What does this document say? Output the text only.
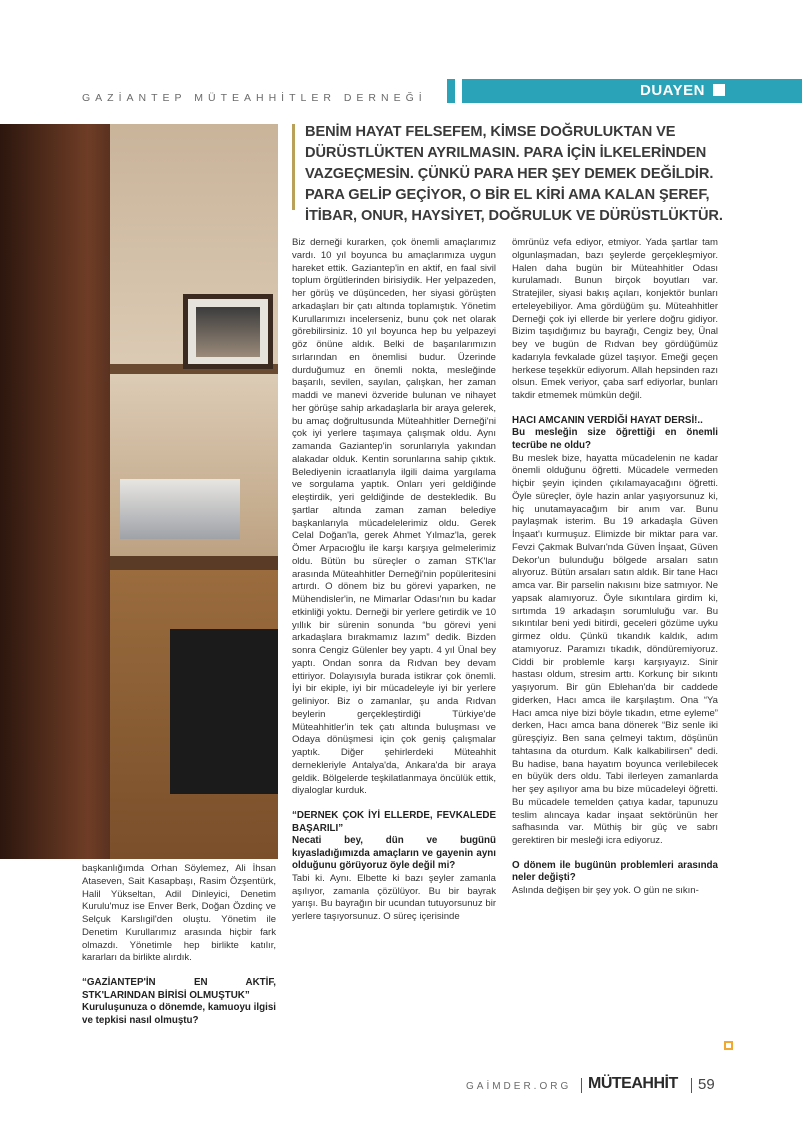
GAZİANTEP MÜTEAHHİTLER DERNEĞİ	DUAYEN
BENİM HAYAT FELSEFEM, KİMSE DOĞRULUKTAN VE DÜRÜSTLÜKTEN AYRILMASIN. PARA İÇİN İLKELERİNDEN VAZGEÇMESİN. ÇÜNKÜ PARA HER ŞEY DEMEK DEĞİLDİR. PARA GELİP GEÇİYOR, O BİR EL KİRİ AMA KALAN ŞEREF, İTİBAR, ONUR, HAYSİYET, DOĞRULUK VE DÜRÜSTLÜKTÜR.

başkanlığımda Orhan Söylemez, Ali İhsan Ataseven, Sait Kasapbaşı, Rasim Özşentürk, Halil Yükseltan, Adil Dinleyici, Denetim Kurulu'muz ise Enver Berk, Doğan Özdinç ve Selçuk Karslıgil'den oluştu. Yönetim ile Denetim Kurullarımız arasında hiçbir fark olmazdı. Yönetimle hep birlikte katılır, kararları da birlikte alırdık.

“GAZİANTEP'İN EN AKTİF, STK'LARINDAN BİRİSİ OLMUŞTUK”

Kuruluşunuza o dönemde, kamuoyu ilgisi ve tepkisi nasıl olmuştu?

Biz derneği kurarken, çok önemli amaçlarımız vardı. 10 yıl boyunca bu amaçlarımıza uygun hareket ettik. Gaziantep'in en aktif, en faal sivil toplum örgütlerinden birisiydik. Her yelpazeden, her görüş ve düşünceden, her siyasi görüşten arkadaşları bir çatı altında toplamıştık. Yönetim Kurullarımızı incelerseniz, bunu çok net olarak görebilirsiniz. 10 yıl boyunca hep bu yelpazeyi göz önüne aldık. Belki de başarılarımızın sırlarından en önemlisi budur. Üzerinde durduğumuz en önemli nokta, mesleğinde başarılı, sevilen, sayılan, çalışkan, her zaman maddi ve manevi özveride bulunan ve nihayet her görüşe sahip arkadaşlarla bir araya gelerek, bu amaç doğrultusunda Müteahhitler Derneği'ni çok iyi yerlere taşımaya çalışmak oldu. Aynı zamanda Gaziantep'in sorunlarıyla yakından alakadar olduk. Kentin sorunlarına sahip çıktık. Belediyenin icraatlarıyla ilgili daima yargılama ve sorgulama yaptık. Onları yeri geldiğinde eleştirdik, yeri geldiğinde de destekledik. Bu şartlar altında zaman zaman belediye başkanlarıyla mücadelelerimiz oldu. Gerek Celal Doğan'la, gerek Ahmet Yılmaz'la, gerek Ömer Arpacıoğlu ile karşı karşıya gelmelerimiz oldu. Bütün bu süreçler o zaman STK'lar arasında Müteahhitler Derneği'nin popüleritesini artırdı. O dönem biz bu görevi yaparken, ne Mühendisler'in, ne Mimarlar Odası'nın bu kadar etkinliği yoktu. Derneği bir yerlere getirdik ve 10 yıllık bir sürenin sonunda “bu görevi yeni arkadaşlara bırakmamız lazım” dedik. Bizden sonra Cengiz Gülenler bey yaptı. 4 yıl Ünal bey yaptı. Ondan sonra da Rıdvan bey devam ettiriyor. Dolayısıyla burada istikrar çok önemli. İyi bir ekiple, iyi bir mücadeleyle iyi bir yerlere geliniyor. Biz o zamanlar, şu anda Rıdvan beylerin gerçekleştirdiği Türkiye'de Müteahhitler'in tek çatı altında buluşması ve Odaya dönüşmesi için çok geniş çalışmalar yaptık. Diğer şehirlerdeki Müteahhit dernekleriyle Antalya'da, Ankara'da bir araya geldik. Bölgelerde teşkilatlanmaya öncülük ettik, diyaloglar kurduk.

“DERNEK ÇOK İYİ ELLERDE, FEVKALEDE BAŞARILI”

Necati bey, dün ve bugünü kıyasladığımızda amaçların ve gayenin aynı olduğunu görüyoruz öyle değil mi?

Tabi ki. Aynı. Elbette ki bazı şeyler zamanla aşılıyor, zamanla çözülüyor. Bu bir bayrak yarışı. Bu bayrağın bir ucundan tutuyorsunuz bir yerlere taşıyorsunuz. O süreç içerisinde

ömrünüz vefa ediyor, etmiyor. Yada şartlar tam olgunlaşmadan, bazı şeylerde gerçekleşmiyor. Halen daha bugün bir Müteahhitler Odası kurulamadı. Bunun birçok boyutları var. Stratejiler, siyasi bakış açıları, konjektör bunları erteleyebiliyor. Ama gördüğüm şu. Müteahhitler Derneği çok iyi ellerde bir yerlere doğru gidiyor. Bizim taşıdığımız bu bayrağı, Cengiz bey, Ünal bey ve bugün de Rıdvan bey gördüğümüz kadarıyla fevkalade güzel taşıyor. Emeği geçen herkese teşekkür ediyorum. Allah hepsinden razı olsun. Emek veriyor, çaba sarf ediyorlar, bunları takdir etmemek mümkün değil.

HACI AMCANIN VERDİĞİ HAYAT DERSİ!..

Bu mesleğin size öğrettiği en önemli tecrübe ne oldu?

Bu meslek bize, hayatta mücadelenin ne kadar önemli olduğunu öğretti. Mücadele vermeden hiçbir şeyin içinden çıkılamayacağını öğretti. Öyle süreçler, öyle hazin anlar yaşıyorsunuz ki, hiç unutamayacağım bir anım var. Bunu paylaşmak isterim. Bu 19 arkadaşla Güven İnşaat'ı kurmuşuz. Elimizde bir miktar para var. Fevzi Çakmak Bulvarı'nda Güven İnşaat, Güven Dekor'un bulunduğu bölgede arsaları satın alıyoruz. Bütün arsaları satın aldık. Bir tane Hacı amca var. Bir parselin nakısını bize satmıyor. Ne yapsak alamıyoruz. Öyle sıkıntılara girdim ki, sırtımda 19 arkadaşın sorumluluğu var. Bu sıkıntılar beni yedi bitirdi, geceleri gözüme uyku girmez oldu. Çünkü tıkandık kaldık, adım atamıyoruz. Paramızı tıkadık, döndüremiyoruz. Ciddi bir problemle karşı karşıyayız. Sinir hastası oldum, stresim arttı. Korkunç bir sıkıntı yaşıyorum. Bir gün Eblehan'da bir caddede giderken, Hacı amca ile karşılaştım. Ona “Ya Hacı amca niye bizi böyle tıkadın, etme eyleme” derken, Hacı amca bana dönerek “Biz senle iki güreşçiyiz. Ben sana çelmeyi taktım, döşünün tahtasına da oturdum. Kalk kalkabilirsen” dedi. Bu hadise, bana hayatım boyunca verilebilecek en büyük ders oldu. Tabi ilerleyen zamanlarda her şey aşılıyor ama bu bize mücadeleyi öğretti. Bu mücadele temelden çatıya kadar, tapunuzu teslim alıncaya kadar inşaat sektörünün her safhasında var. Müthiş bir güç ve sabrı gerektiren bir mesleği icra ediyoruz.

O dönem ile bugünün problemleri arasında neler değişti?

Aslında değişen bir şey yok. O gün ne sıkın-

GAİMDER.ORG MÜTEAHHİT 59
